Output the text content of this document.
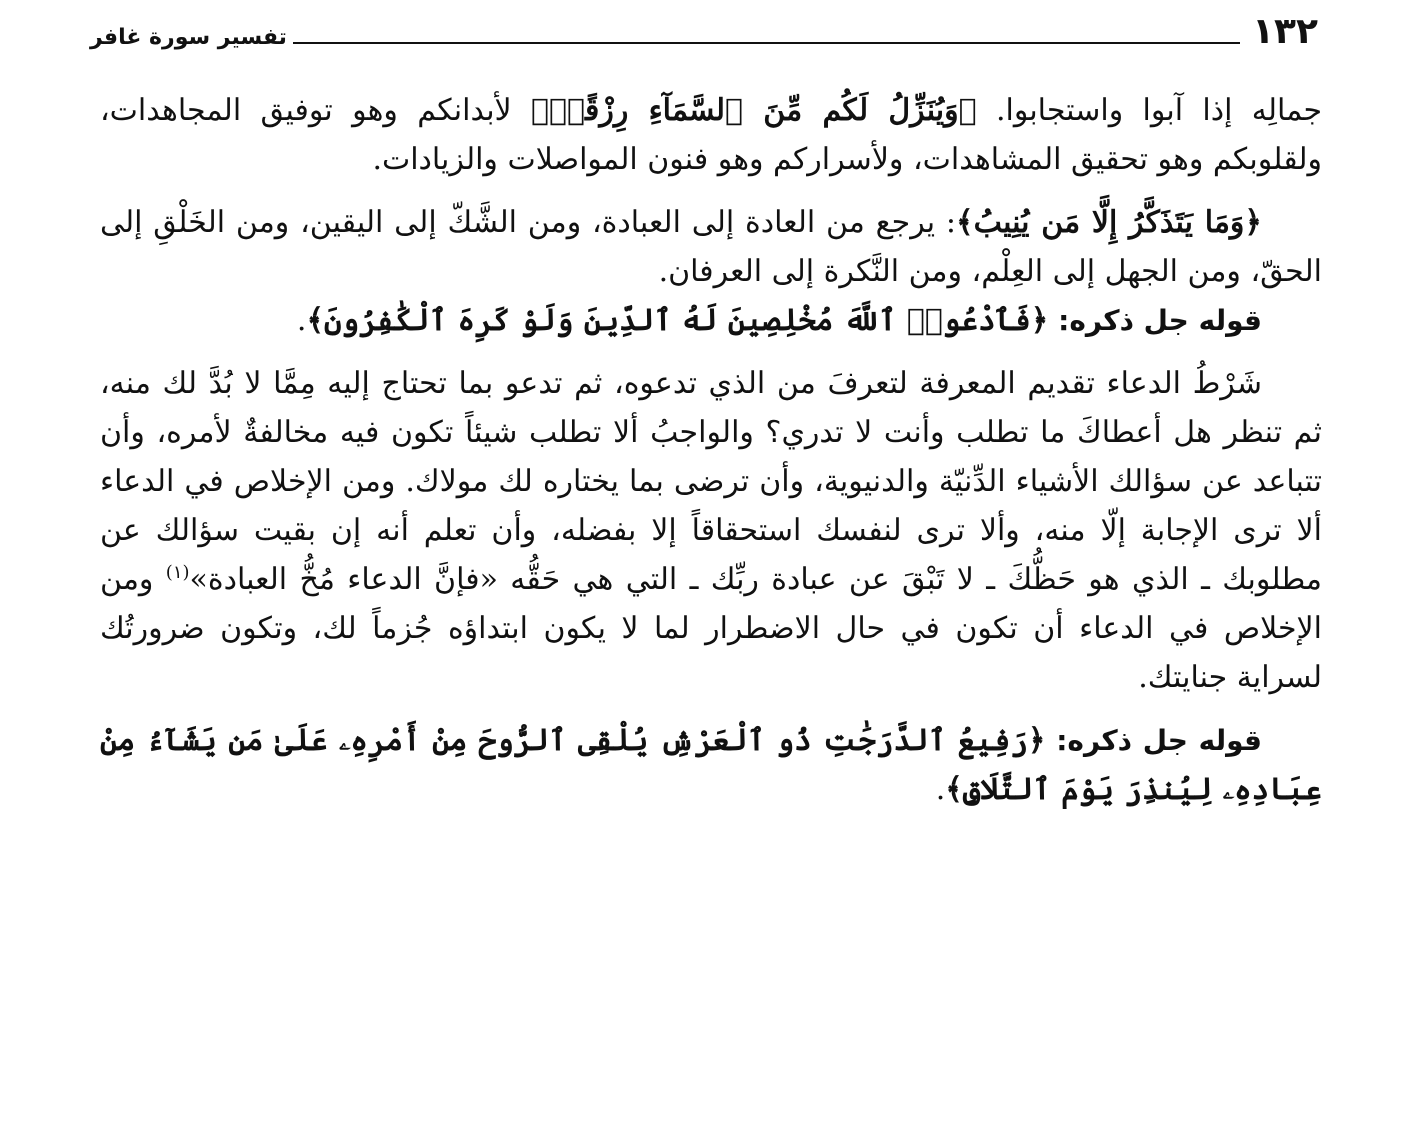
١٣٢
تفسير سورة غافر

جمالِه إذا آبوا واستجابوا. ﴿وَيُنَزِّلُ لَكُم مِّنَ ٱلسَّمَآءِ رِزْقًاۚ﴾ لأبدانكم وهو توفيق المجاهدات، ولقلوبكم وهو تحقيق المشاهدات، ولأسراركم وهو فنون المواصلات والزيادات.

﴿وَمَا يَتَذَكَّرُ إِلَّا مَن يُنِيبُ﴾: يرجع من العادة إلى العبادة، ومن الشَّكّ إلى اليقين، ومن الخَلْقِ إلى الحقّ، ومن الجهل إلى العِلْم، ومن النَّكرة إلى العرفان.

قوله جل ذكره: ﴿فَٱدْعُوا۟ ٱللَّهَ مُخْلِصِينَ لَهُ ٱلدِّينَ وَلَوْ كَرِهَ ٱلْكَٰفِرُونَ﴾.

شَرْطُ الدعاء تقديم المعرفة لتعرفَ من الذي تدعوه، ثم تدعو بما تحتاج إليه مِمَّا لا بُدَّ لك منه، ثم تنظر هل أعطاكَ ما تطلب وأنت لا تدري؟ والواجبُ ألا تطلب شيئاً تكون فيه مخالفةٌ لأمره، وأن تتباعد عن سؤالك الأشياء الدِّنيّة والدنيوية، وأن ترضى بما يختاره لك مولاك. ومن الإخلاص في الدعاء ألا ترى الإجابة إلّا منه، وألا ترى لنفسك استحقاقاً إلا بفضله، وأن تعلم أنه إن بقيت سؤالك عن مطلوبك ـ الذي هو حَظُّكَ ـ لا تَبْقَ عن عبادة ربِّك ـ التي هي حَقُّه «فإنَّ الدعاء مُخُّ العبادة»$^{(١)}$ ومن الإخلاص في الدعاء أن تكون في حال الاضطرار لما لا يكون ابتداؤه جُزماً لك، وتكون ضرورتُك لسراية جنايتك.

قوله جل ذكره: ﴿رَفِيعُ ٱلدَّرَجَٰتِ ذُو ٱلْعَرْشِ يُلْقِى ٱلرُّوحَ مِنْ أَمْرِهِۦ عَلَىٰ مَن يَشَآءُ مِنْ عِبَادِهِۦ لِيُنذِرَ يَوْمَ ٱلتَّلَاقِ﴾.
